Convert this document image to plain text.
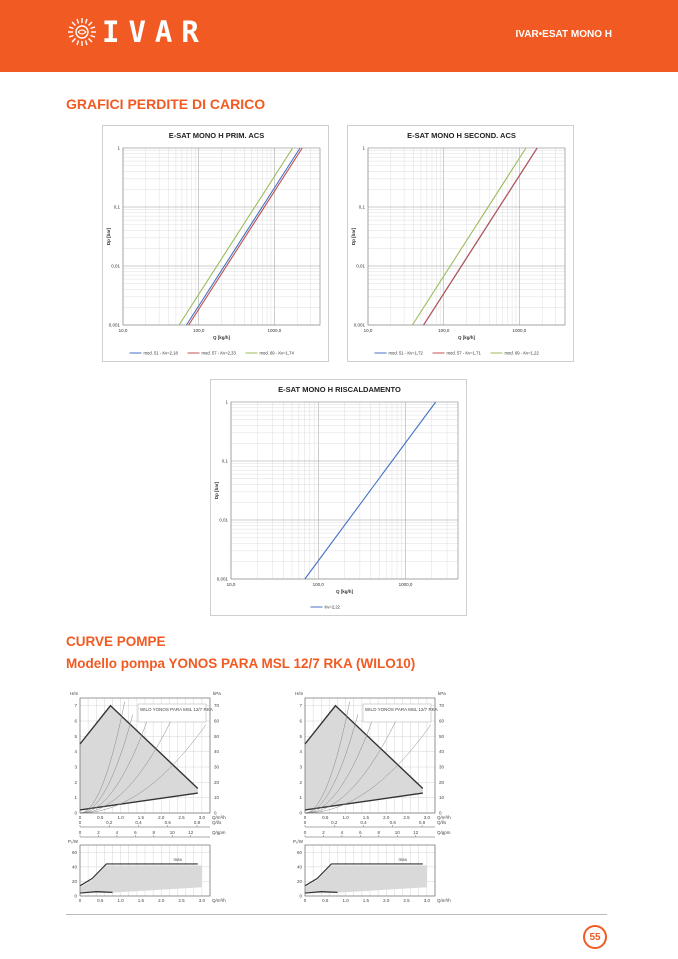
IVAR	IVAR•ESAT MONO H
GRAFICI PERDITE DI CARICO
E-SAT MONO H PRIM. ACS
1
0,1
0,01
0,001
10,0	100,0	1000,0
Q [kg/h]
Dp [bar]
mod. 51 - Kv=2,18	mod. 57 - Kv=2,33	mod. 69 - Kv=1,74
E-SAT MONO H SECOND. ACS
1
0,1
0,01
0,001
10,0	100,0	1000,0
Q [kg/h]
Dp [bar]
mod. 51 - Kv=1,72	mod. 57 - Kv=1,71	mod. 69 - Kv=1,22
E-SAT MONO H RISCALDAMENTO
1
0,1
0,01
0,001
10,0	100,0	1000,0
Q [kg/h]
Dp [bar]
Kv=2,22
CURVE POMPE
Modello pompa YONOS PARA MSL 12/7 RKA (WILO10)
H/m	kPa
WILO YONOS PARA MSL 12/7 RKA
7
6
5
4
3
2
1
0
70
60
50
40
30
20
10
0
0	0.5	1.0	1.5	2.0	2.5	3.0 Q/m³/h
0	0.2	0.4	0.6	0.8	Q/l/s
0	2	4	6	8	10	12	Q/gpm
P₁/W
60
40
20
0
max
0	0.5	1.0	1.5	2.0	2.5	3.0 Q/m³/h
H/m	kPa
WILO YONOS PARA MSL 12/7 RKA
7
6
5
4
3
2
1
0
70
60
50
40
30
20
10
0
0	0.5	1.0	1.5	2.0	2.5	3.0 Q/m³/h
0	0.2	0.4	0.6	0.8	Q/l/s
0	2	4	6	8	10	12	Q/gpm
P₁/W
60
40
20
0
max
0	0.5	1.0	1.5	2.0	2.5	3.0 Q/m³/h
55
